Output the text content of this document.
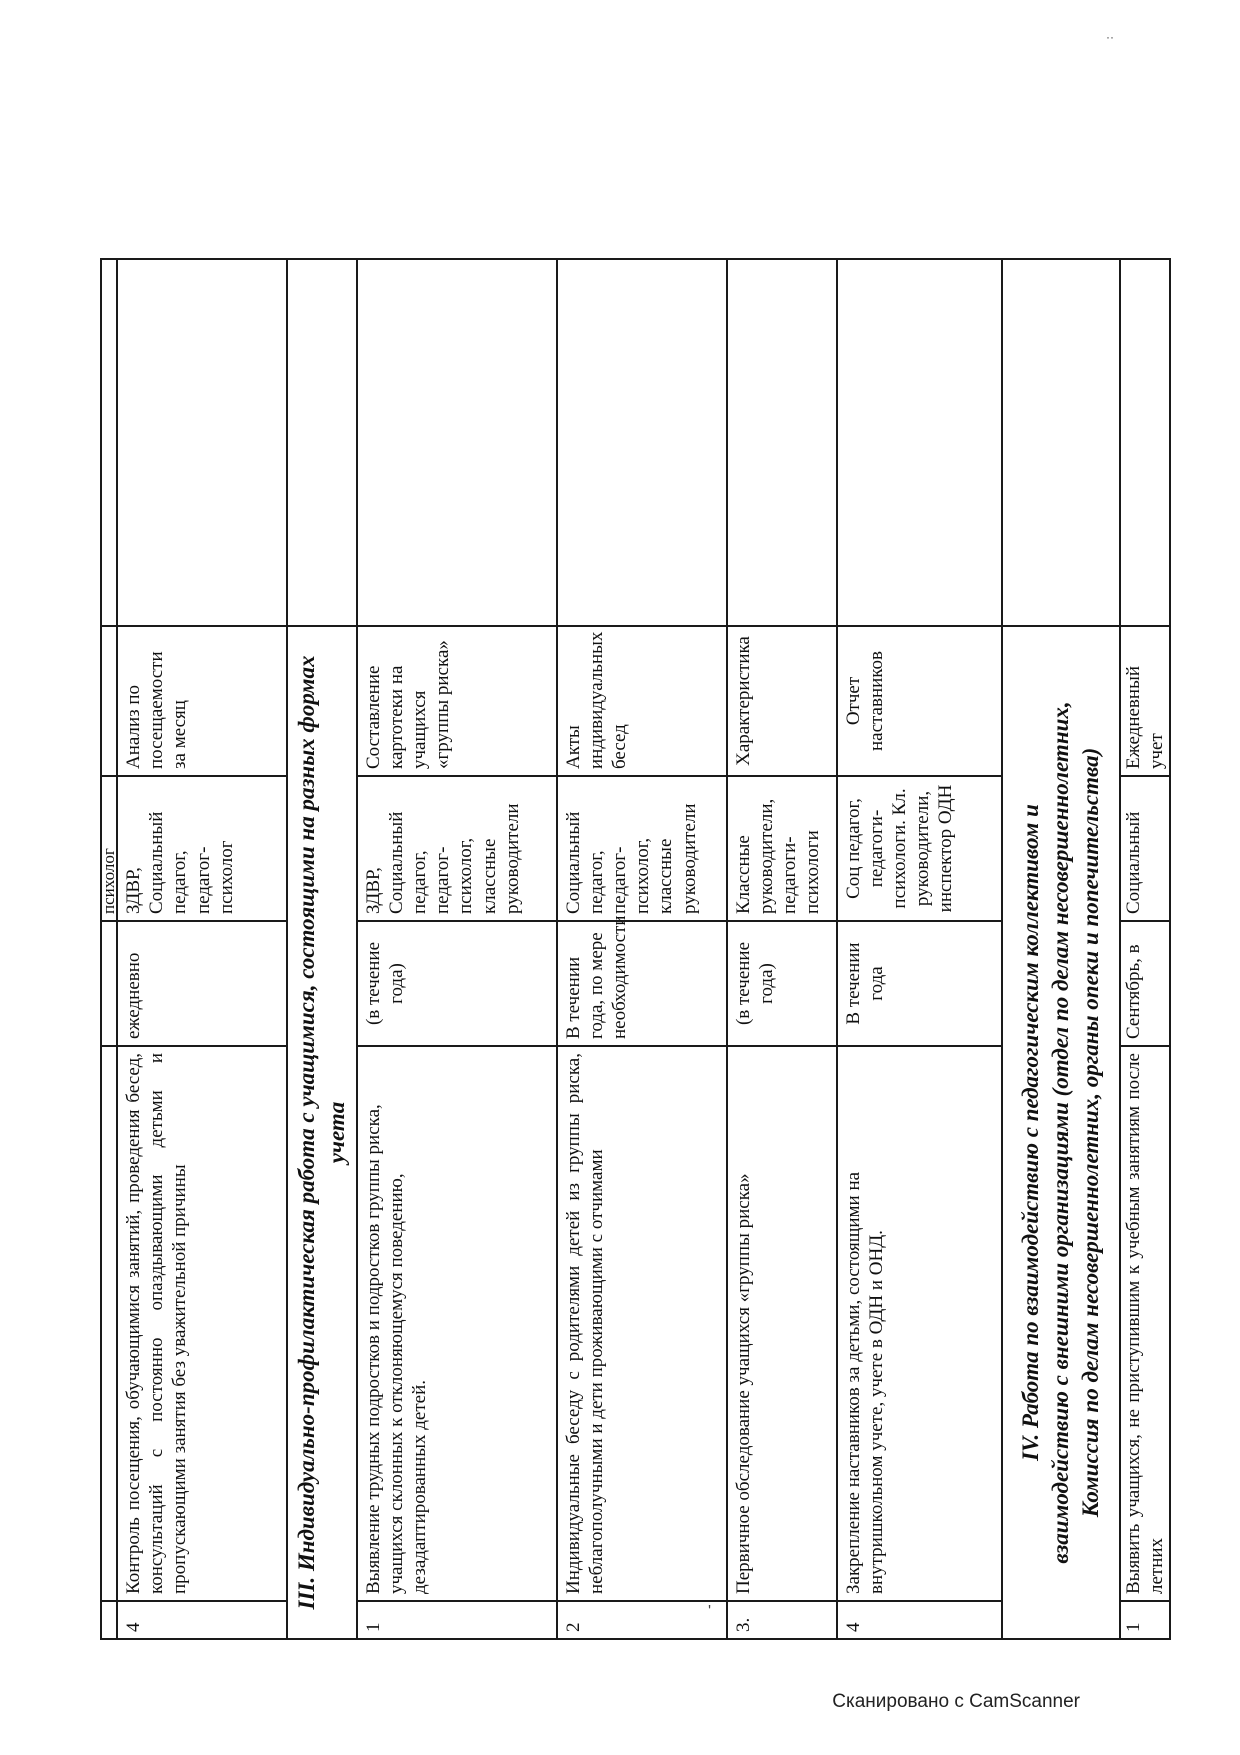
			психолог		
4	Контроль посещения, обучающимися занятий, проведения бесед, консультаций с постоянно опаздывающими детьми и пропускающими занятия без уважительной причины	ежедневно	ЗДВР, Социальный педагог, педагог-психолог	Анализ по посещаемости за месяц	
III. Индивидуально-профилактическая работа с учащимися, состоящими на разных формах учета					
1	Выявление трудных подростков и подростков группы риска, учащихся склонных к отклоняющемуся поведению, дезадаптированных детей.	(в течение года)	ЗДВР, Социальный педагог, педагог-психолог, классные руководители	Составление картотеки на учащихся «группы риска»	
2	Индивидуальные беседу с родителями детей из группы риска, неблагополучными и дети проживающими с отчимами	В течении года, по мере необходимости	Социальный педагог, педагог-психолог, классные руководители	Акты индивидуальных бесед	
3.	Первичное обследование учащихся «группы риска»	(в течение года)	Классные руководители, педагоги-психологи	Характеристика	
4	Закрепление наставников за детьми, состоящими на внутришкольном учете, учете в ОДН и ОНД.	В течении года	Соц педагог, педагоги-психологи. Кл. руководители, инспектор ОДН	Отчет наставников	

IV. Работа по взаимодействию с педагогическим коллективом и взаимодействию с внешними организациями (отдел по делам несовершеннолетних, Комиссия по делам несовершеннолетних, органы опеки и попечительства)					

1	Выявить учащихся, не приступившим к учебным занятиям после летних	Сентябрь, в	Социальный	Ежедневный учет	
'
··
Сканировано с CamScanner
